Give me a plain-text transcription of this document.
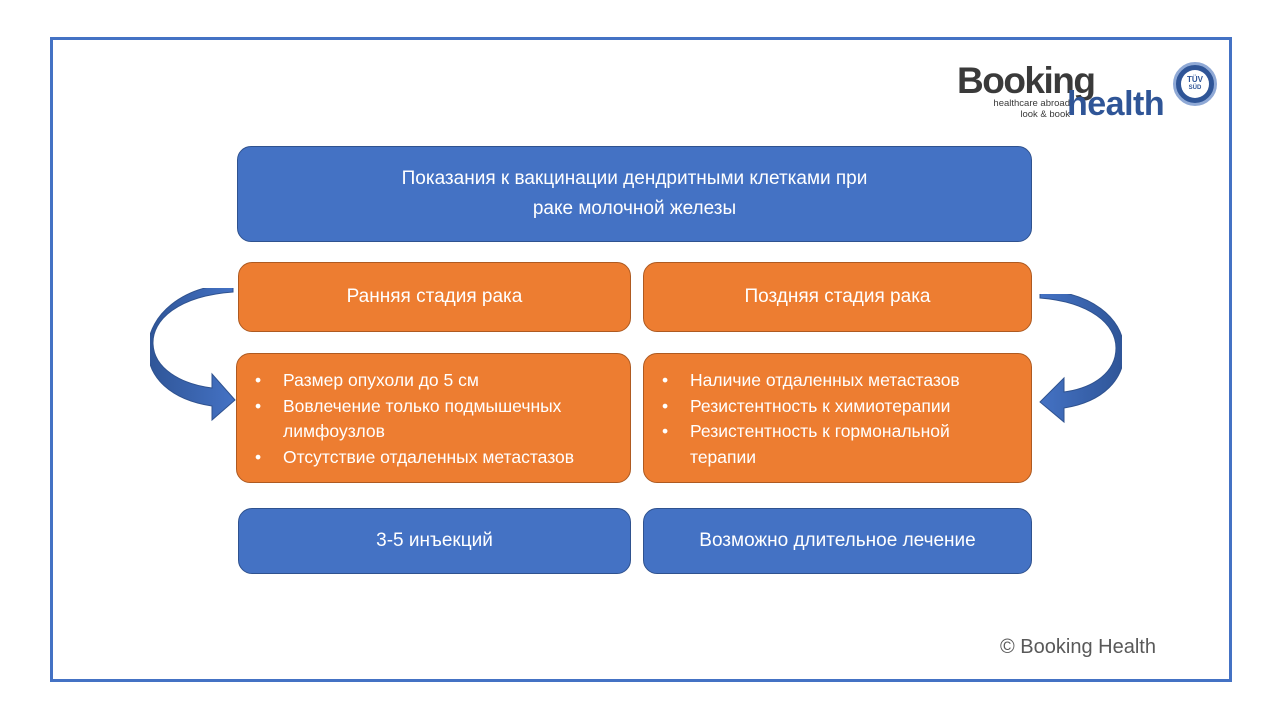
Booking
healthcare abroad
look & book
health
TÜV
SÜD
Показания к вакцинации дендритными клетками при
раке молочной железы
Ранняя стадия рака	Поздняя стадия рака
• Размер опухоли до 5 см
• Вовлечение только подмышечных лимфоузлов
• Отсутствие отдаленных метастазов
• Наличие отдаленных метастазов
• Резистентность к химиотерапии
• Резистентность к гормональной терапии
3-5 инъекций	Возможно длительное лечение
© Booking Health
